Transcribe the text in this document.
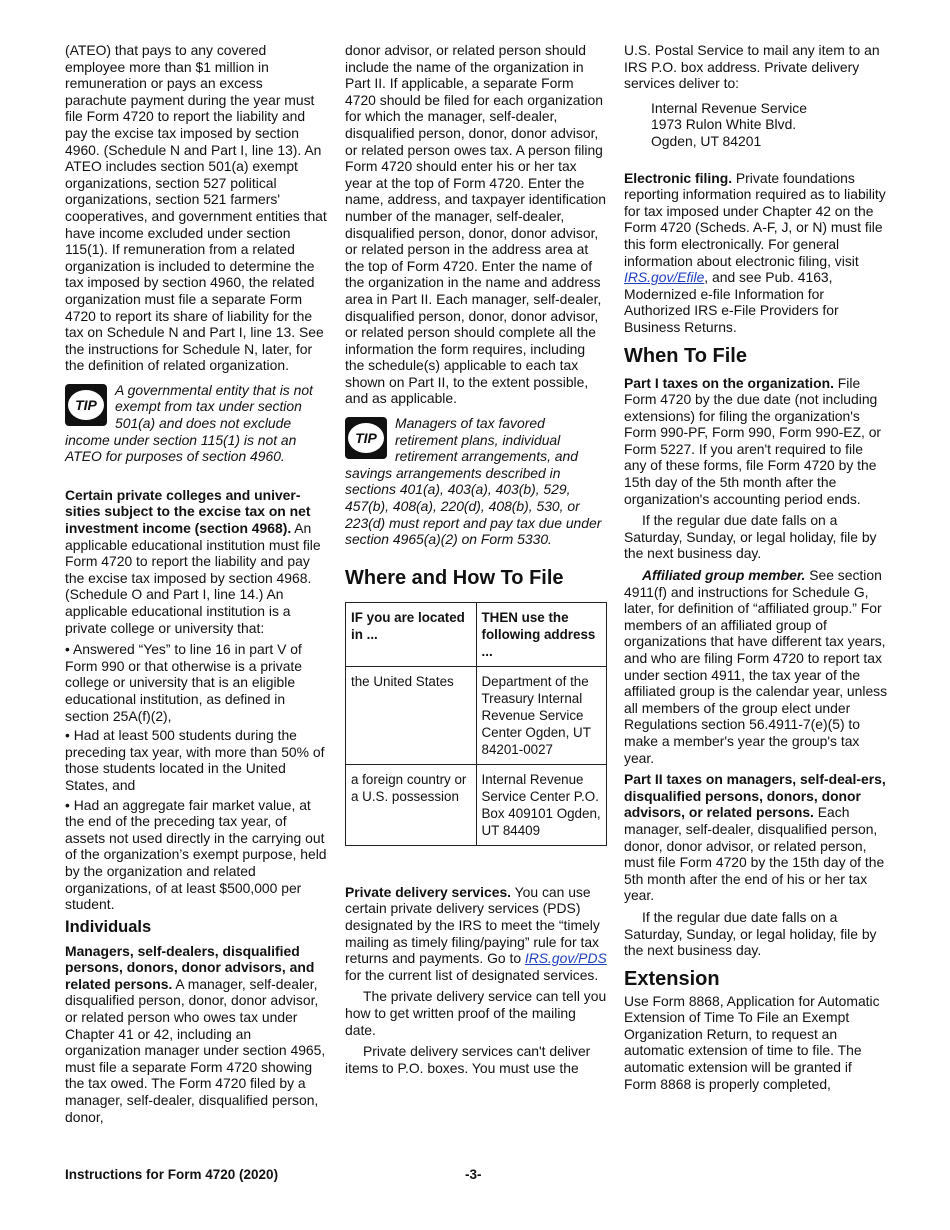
(ATEO) that pays to any covered employee more than $1 million in remuneration or pays an excess parachute payment during the year must file Form 4720 to report the liability and pay the excise tax imposed by section 4960. (Schedule N and Part I, line 13). An ATEO includes section 501(a) exempt organizations, section 527 political organizations, section 521 farmers' cooperatives, and government entities that have income excluded under section 115(1). If remuneration from a related organization is included to determine the tax imposed by section 4960, the related organization must file a separate Form 4720 to report its share of liability for the tax on Schedule N and Part I, line 13. See the instructions for Schedule N, later, for the definition of related organization.

TIP
A governmental entity that is not exempt from tax under section 501(a) and does not exclude income under section 115(1) is not an ATEO for purposes of section 4960.

Certain private colleges and univer-sities subject to the excise tax on net investment income (section 4968). An applicable educational institution must file Form 4720 to report the liability and pay the excise tax imposed by section 4968. (Schedule O and Part I, line 14.) An applicable educational institution is a private college or university that:

• Answered “Yes” to line 16 in part V of Form 990 or that otherwise is a private college or university that is an eligible educational institution, as defined in section 25A(f)(2),

• Had at least 500 students during the preceding tax year, with more than 50% of those students located in the United States, and

• Had an aggregate fair market value, at the end of the preceding tax year, of assets not used directly in the carrying out of the organization’s exempt purpose, held by the organization and related organizations, of at least $500,000 per student.

Individuals

Managers, self-dealers, disqualified persons, donors, donor advisors, and related persons. A manager, self-dealer, disqualified person, donor, donor advisor, or related person who owes tax under Chapter 41 or 42, including an organization manager under section 4965, must file a separate Form 4720 showing the tax owed. The Form 4720 filed by a manager, self-dealer, disqualified person, donor,

donor advisor, or related person should include the name of the organization in Part II. If applicable, a separate Form 4720 should be filed for each organization for which the manager, self-dealer, disqualified person, donor, donor advisor, or related person owes tax. A person filing Form 4720 should enter his or her tax year at the top of Form 4720. Enter the name, address, and taxpayer identification number of the manager, self-dealer, disqualified person, donor, donor advisor, or related person in the address area at the top of Form 4720. Enter the name of the organization in the name and address area in Part II. Each manager, self-dealer, disqualified person, donor, donor advisor, or related person should complete all the information the form requires, including the schedule(s) applicable to each tax shown on Part II, to the extent possible, and as applicable.

TIP
Managers of tax favored retirement plans, individual retirement arrangements, and savings arrangements described in sections 401(a), 403(a), 403(b), 529, 457(b), 408(a), 220(d), 408(b), 530, or 223(d) must report and pay tax due under section 4965(a)(2) on Form 5330.
Where and How To File
IF you are located in ...	THEN use the following address ...
the United States	Department of the Treasury Internal Revenue Service Center Ogden, UT 84201-0027
a foreign country or a U.S. possession	Internal Revenue Service Center P.O. Box 409101 Ogden, UT 84409

Private delivery services. You can use certain private delivery services (PDS) designated by the IRS to meet the “timely mailing as timely filing/paying” rule for tax returns and payments. Go to IRS.gov/PDS for the current list of designated services.

The private delivery service can tell you how to get written proof of the mailing date.

Private delivery services can't deliver items to P.O. boxes. You must use the

U.S. Postal Service to mail any item to an IRS P.O. box address. Private delivery services deliver to:

Internal Revenue Service
1973 Rulon White Blvd.
Ogden, UT 84201

Electronic filing. Private foundations reporting information required as to liability for tax imposed under Chapter 42 on the Form 4720 (Scheds. A-F, J, or N) must file this form electronically. For general information about electronic filing, visit IRS.gov/Efile, and see Pub. 4163, Modernized e-file Information for Authorized IRS e-File Providers for Business Returns.

When To File

Part I taxes on the organization. File Form 4720 by the due date (not including extensions) for filing the organization's Form 990-PF, Form 990, Form 990-EZ, or Form 5227. If you aren't required to file any of these forms, file Form 4720 by the 15th day of the 5th month after the organization's accounting period ends.

If the regular due date falls on a Saturday, Sunday, or legal holiday, file by the next business day.

Affiliated group member. See section 4911(f) and instructions for Schedule G, later, for definition of “affiliated group.” For members of an affiliated group of organizations that have different tax years, and who are filing Form 4720 to report tax under section 4911, the tax year of the affiliated group is the calendar year, unless all members of the group elect under Regulations section 56.4911-7(e)(5) to make a member's year the group's tax year.

Part II taxes on managers, self-deal-ers, disqualified persons, donors, donor advisors, or related persons. Each manager, self-dealer, disqualified person, donor, donor advisor, or related person, must file Form 4720 by the 15th day of the 5th month after the end of his or her tax year.

If the regular due date falls on a Saturday, Sunday, or legal holiday, file by the next business day.

Extension

Use Form 8868, Application for Automatic Extension of Time To File an Exempt Organization Return, to request an automatic extension of time to file. The automatic extension will be granted if Form 8868 is properly completed,

Instructions for Form 4720 (2020)	-3-
